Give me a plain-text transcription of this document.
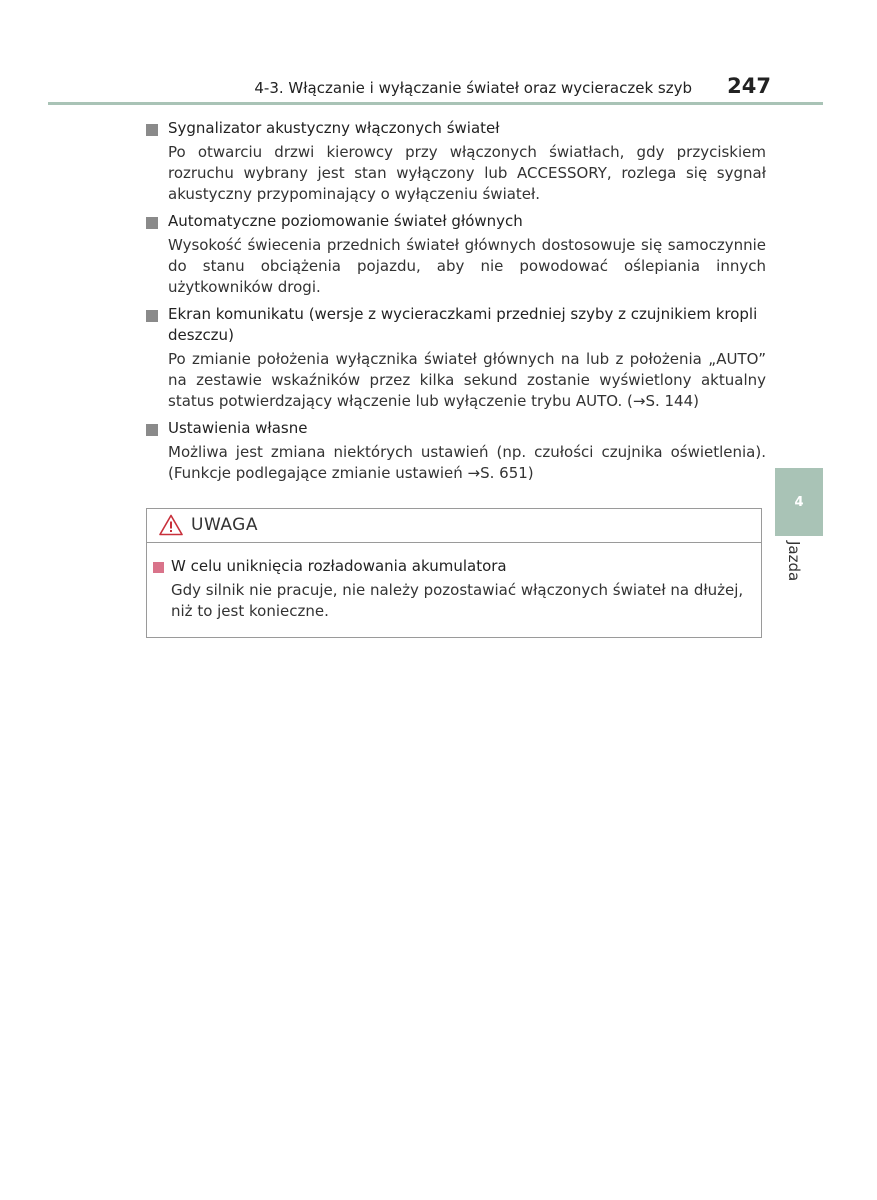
4-3. Włączanie i wyłączanie świateł oraz wycieraczek szyb 247
Sygnalizator akustyczny włączonych świateł
Po otwarciu drzwi kierowcy przy włączonych światłach, gdy przyciskiem rozruchu wybrany jest stan wyłączony lub ACCESSORY, rozlega się sygnał akustyczny przypominający o wyłączeniu świateł.
Automatyczne poziomowanie świateł głównych
Wysokość świecenia przednich świateł głównych dostosowuje się samoczynnie do stanu obciążenia pojazdu, aby nie powodować oślepiania innych użytkowników drogi.
Ekran komunikatu (wersje z wycieraczkami przedniej szyby z czujnikiem kropli deszczu)
Po zmianie położenia wyłącznika świateł głównych na lub z położenia „AUTO” na zestawie wskaźników przez kilka sekund zostanie wyświetlony aktualny status potwierdzający włączenie lub wyłączenie trybu AUTO. (→S. 144)
Ustawienia własne
Możliwa jest zmiana niektórych ustawień (np. czułości czujnika oświetlenia). (Funkcje podlegające zmianie ustawień →S. 651)
UWAGA
W celu uniknięcia rozładowania akumulatora
Gdy silnik nie pracuje, nie należy pozostawiać włączonych świateł na dłużej, niż to jest konieczne.
4
Jazda
